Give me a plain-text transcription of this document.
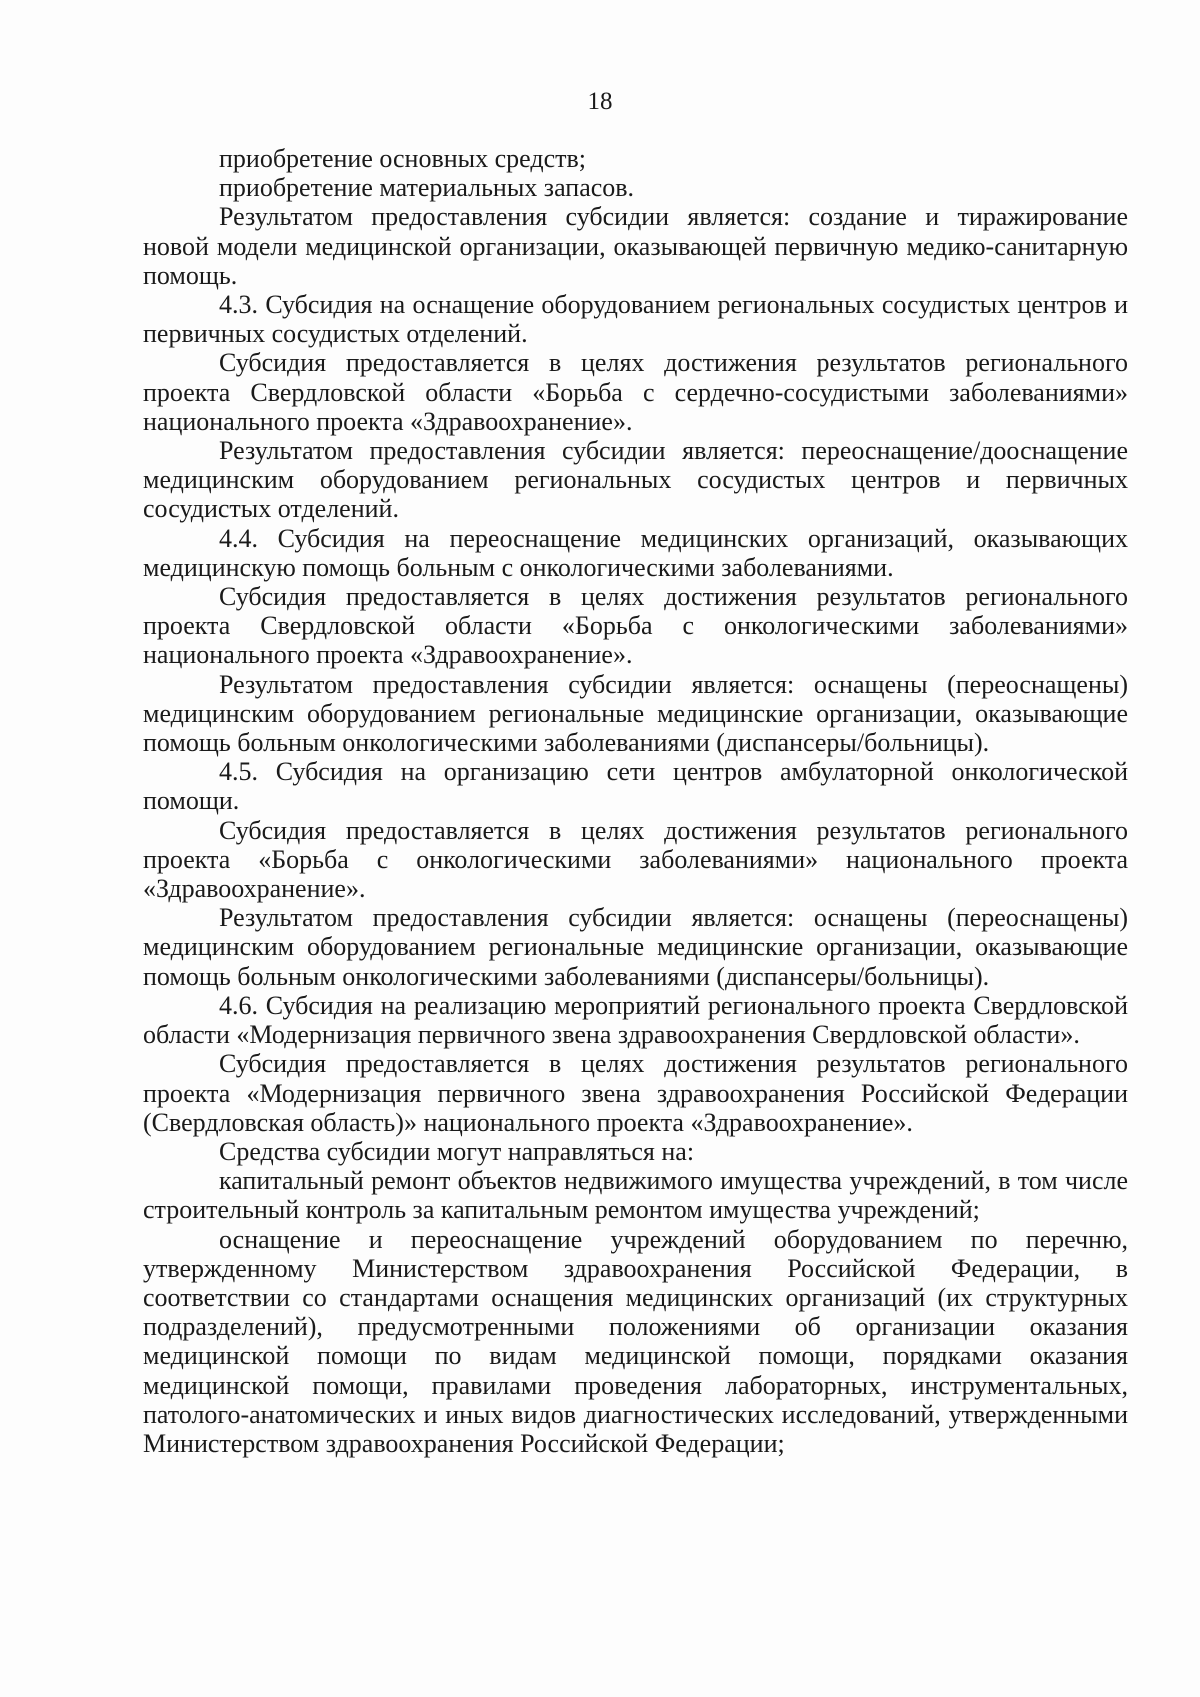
18

приобретение основных средств;

приобретение материальных запасов.

Результатом предоставления субсидии является: создание и тиражирование новой модели медицинской организации, оказывающей первичную медико-санитарную помощь.

4.3. Субсидия на оснащение оборудованием региональных сосудистых центров и первичных сосудистых отделений.

Субсидия предоставляется в целях достижения результатов регионального проекта Свердловской области «Борьба с сердечно-сосудистыми заболеваниями» национального проекта «Здравоохранение».

Результатом предоставления субсидии является: переоснащение/дооснащение медицинским оборудованием региональных сосудистых центров и первичных сосудистых отделений.

4.4. Субсидия на переоснащение медицинских организаций, оказывающих медицинскую помощь больным с онкологическими заболеваниями.

Субсидия предоставляется в целях достижения результатов регионального проекта Свердловской области «Борьба с онкологическими заболеваниями» национального проекта «Здравоохранение».

Результатом предоставления субсидии является: оснащены (переоснащены) медицинским оборудованием региональные медицинские организации, оказывающие помощь больным онкологическими заболеваниями (диспансеры/больницы).

4.5. Субсидия на организацию сети центров амбулаторной онкологической помощи.

Субсидия предоставляется в целях достижения результатов регионального проекта «Борьба с онкологическими заболеваниями» национального проекта «Здравоохранение».

Результатом предоставления субсидии является: оснащены (переоснащены) медицинским оборудованием региональные медицинские организации, оказывающие помощь больным онкологическими заболеваниями (диспансеры/больницы).

4.6. Субсидия на реализацию мероприятий регионального проекта Свердловской области «Модернизация первичного звена здравоохранения Свердловской области».

Субсидия предоставляется в целях достижения результатов регионального проекта «Модернизация первичного звена здравоохранения Российской Федерации (Свердловская область)» национального проекта «Здравоохранение».

Средства субсидии могут направляться на:

капитальный ремонт объектов недвижимого имущества учреждений, в том числе строительный контроль за капитальным ремонтом имущества учреждений;

оснащение и переоснащение учреждений оборудованием по перечню, утвержденному Министерством здравоохранения Российской Федерации, в соответствии со стандартами оснащения медицинских организаций (их структурных подразделений), предусмотренными положениями об организации оказания медицинской помощи по видам медицинской помощи, порядками оказания медицинской помощи, правилами проведения лабораторных, инструментальных, патолого-анатомических и иных видов диагностических исследований, утвержденными Министерством здравоохранения Российской Федерации;
